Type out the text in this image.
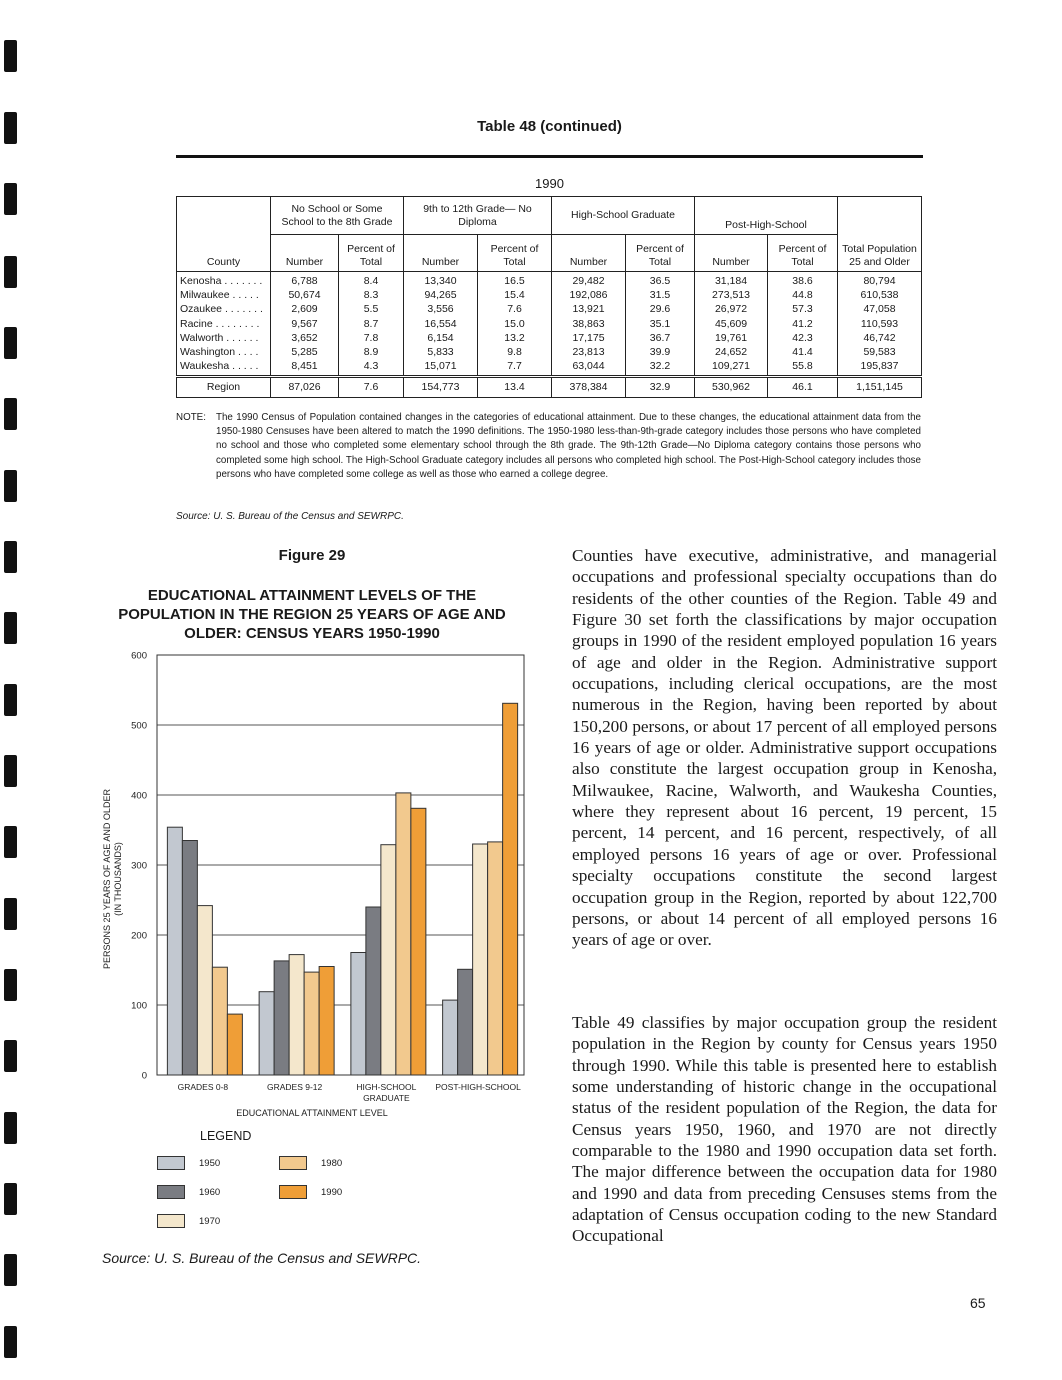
Table 48 (continued)
1990
County	No School or Some School to the 8th Grade		9th to 12th Grade— No Diploma		High-School Graduate		Post-High-School		Total Population 25 and Older
	Number	Percent of Total	Number	Percent of Total	Number	Percent of Total	Number	Percent of Total	
Kenosha . . . . . . .	6,788	8.4	13,340	16.5	29,482	36.5	31,184	38.6	80,794
Milwaukee . . . . .	50,674	8.3	94,265	15.4	192,086	31.5	273,513	44.8	610,538
Ozaukee . . . . . . .	2,609	5.5	3,556	7.6	13,921	29.6	26,972	57.3	47,058
Racine . . . . . . . .	9,567	8.7	16,554	15.0	38,863	35.1	45,609	41.2	110,593
Walworth . . . . . .	3,652	7.8	6,154	13.2	17,175	36.7	19,761	42.3	46,742
Washington . . . .	5,285	8.9	5,833	9.8	23,813	39.9	24,652	41.4	59,583
Waukesha . . . . .	8,451	4.3	15,071	7.7	63,044	32.2	109,271	55.8	195,837
Region	87,026	7.6	154,773	13.4	378,384	32.9	530,962	46.1	1,151,145
NOTE:	The 1990 Census of Population contained changes in the categories of educational attainment. Due to these changes, the educational attainment data from the 1950-1980 Censuses have been altered to match the 1990 definitions. The 1950-1980 less-than-9th-grade category includes those persons who have completed no school and those who completed some elementary school through the 8th grade. The 9th-12th Grade—No Diploma category contains those persons who completed some high school. The High-School Graduate category includes all persons who completed high school. The Post-High-School category includes those persons who have completed some college as well as those who earned a college degree.
Source: U. S. Bureau of the Census and SEWRPC.
Figure 29
EDUCATIONAL ATTAINMENT LEVELS OF THE POPULATION IN THE REGION 25 YEARS OF AGE AND OLDER: CENSUS YEARS 1950-1990
0
100
200
300
400
500
600
GRADES 0-8	GRADES 9-12	HIGH-SCHOOL
GRADUATE
POST-HIGH-SCHOOL
EDUCATIONAL ATTAINMENT LEVEL
PERSONS 25 YEARS OF AGE AND OLDER (IN THOUSANDS)
LEGEND
1950
1960
1970
1980
1990
Source: U. S. Bureau of the Census and SEWRPC.
Counties have executive, administrative, and managerial occupations and professional specialty occupations than do residents of the other counties of the Region. Table 49 and Figure 30 set forth the classifications by major occupation groups in 1990 of the resident employed population 16 years of age and older in the Region. Administrative support occupations, including clerical occupations, are the most numerous in the Region, having been reported by about 150,200 persons, or about 17 percent of all employed persons 16 years of age or older. Administrative support occupations also constitute the largest occupation group in Kenosha, Milwaukee, Racine, Walworth, and Waukesha Counties, where they represent about 16 percent, 19 percent, 15 percent, 14 percent, and 16 percent, respectively, of all employed persons 16 years of age or over. Professional specialty occupations constitute the second largest occupation group in the Region, reported by about 122,700 persons, or about 14 percent of all employed persons 16 years of age or over.
Table 49 classifies by major occupation group the resident population in the Region by county for Census years 1950 through 1990. While this table is presented here to establish some understanding of historic change in the occupational status of the resident population of the Region, the data for Census years 1950, 1960, and 1970 are not directly comparable to the 1980 and 1990 occupation data set forth. The major difference between the occupation data for 1980 and 1990 and data from preceding Censuses stems from the adaptation of Census occupation coding to the new Standard Occupational
65
